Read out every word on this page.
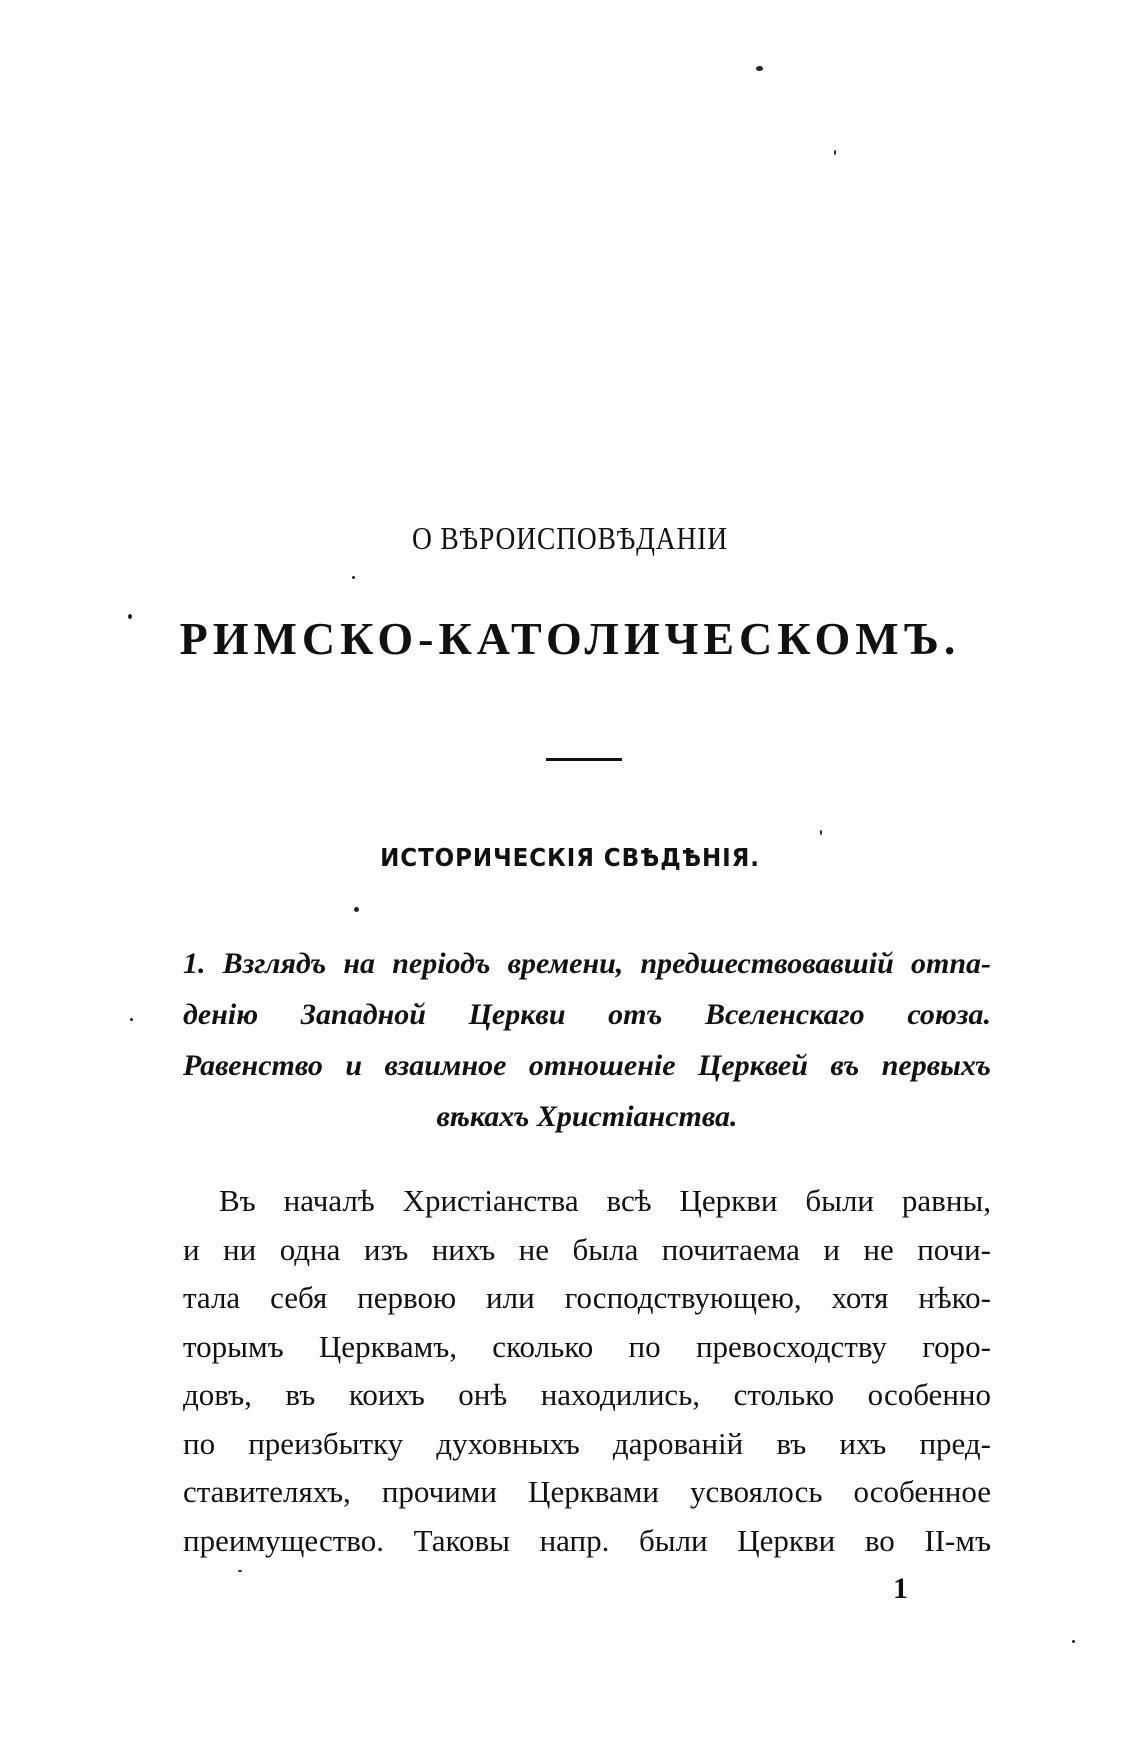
О ВѢРОИСПОВѢДАНІИ
РИМСКО-КАТОЛИЧЕСКОМЪ.
ИСТОРИЧЕСКІЯ СВѢДѢНІЯ.
1. Взглядъ на періодъ времени, предшествовавшій отпа-
денію Западной Церкви отъ Вселенскаго союза.
Равенство и взаимное отношеніе Церквей въ первыхъ
вѣкахъ Христіанства.
Въ началѣ Христіанства всѣ Церкви были равны,
и ни одна изъ нихъ не была почитаема и не почи-
тала себя первою или господствующею, хотя нѣко-
торымъ Церквамъ, сколько по превосходству горо-
довъ, въ коихъ онѣ находились, столько особенно
по преизбытку духовныхъ дарованій въ ихъ пред-
ставителяхъ, прочими Церквами усвоялось особенное
преимущество. Таковы напр. были Церкви во II-мъ
1
